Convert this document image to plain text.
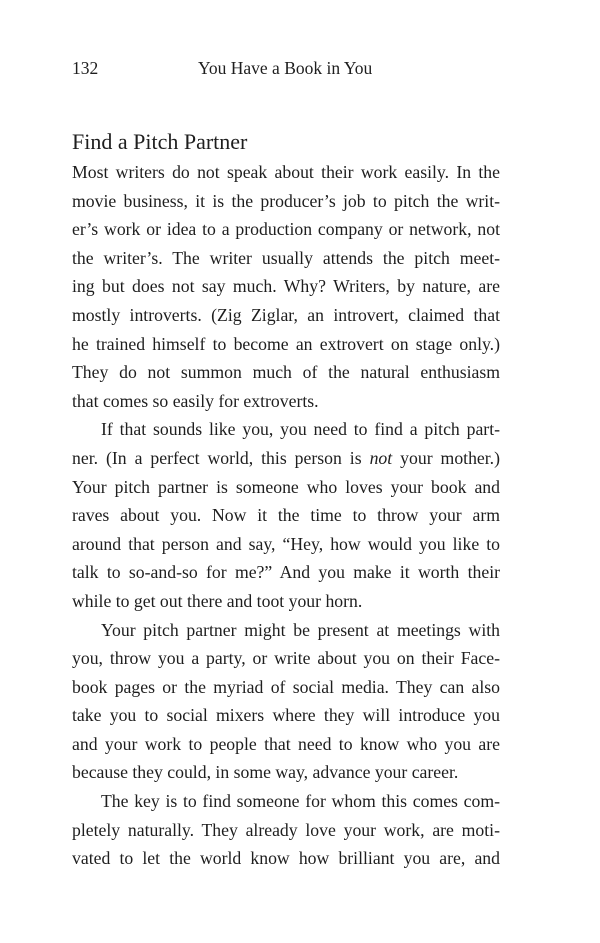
132	You Have a Book in You
Find a Pitch Partner
Most writers do not speak about their work easily. In the
movie business, it is the producer’s job to pitch the writ-
er’s work or idea to a production company or network, not
the writer’s. The writer usually attends the pitch meet-
ing but does not say much. Why? Writers, by nature, are
mostly introverts. (Zig Ziglar, an introvert, claimed that
he trained himself to become an extrovert on stage only.)
They do not summon much of the natural enthusiasm
that comes so easily for extroverts.
If that sounds like you, you need to find a pitch part-
ner. (In a perfect world, this person is not your mother.)
Your pitch partner is someone who loves your book and
raves about you. Now it the time to throw your arm
around that person and say, “Hey, how would you like to
talk to so-and-so for me?” And you make it worth their
while to get out there and toot your horn.
Your pitch partner might be present at meetings with
you, throw you a party, or write about you on their Face-
book pages or the myriad of social media. They can also
take you to social mixers where they will introduce you
and your work to people that need to know who you are
because they could, in some way, advance your career.
The key is to find someone for whom this comes com-
pletely naturally. They already love your work, are moti-
vated to let the world know how brilliant you are, and
